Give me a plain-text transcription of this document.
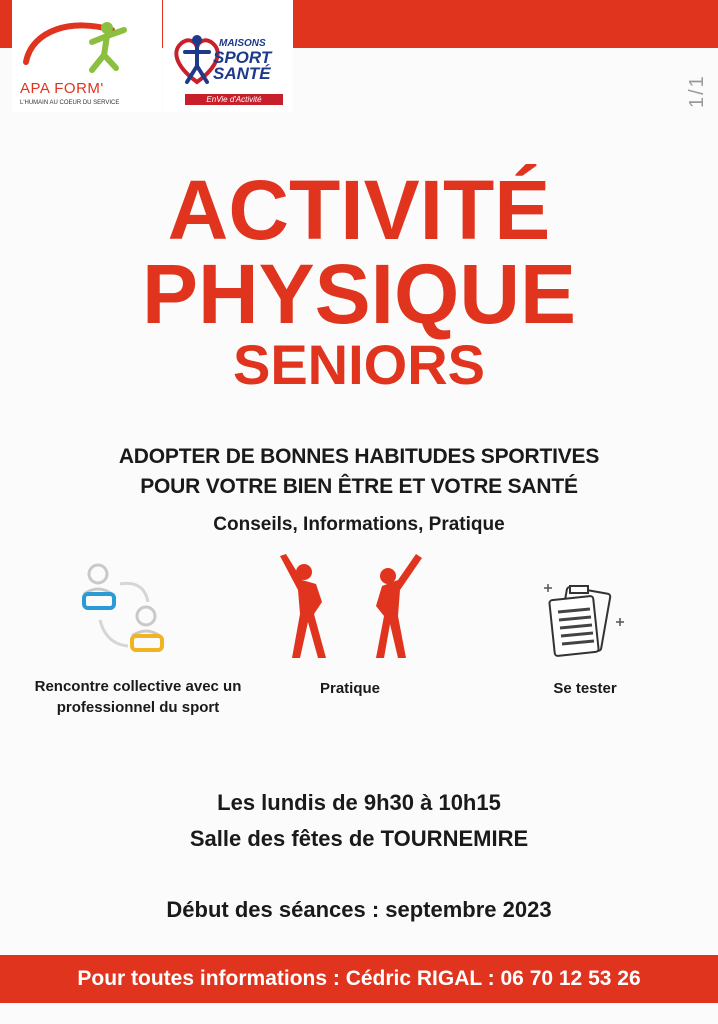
APA FORM'
L'HUMAIN AU COEUR DU SERVICE
MAISONS
SPORT SANTÉ
EnVie d'Activité	1/1
ACTIVITÉ
PHYSIQUE
SENIORS
ADOPTER DE BONNES HABITUDES SPORTIVES
POUR VOTRE BIEN ÊTRE ET VOTRE SANTÉ
Conseils, Informations, Pratique
Rencontre collective avec un professionnel du sport
Pratique	Se tester
Les lundis de 9h30 à 10h15
Salle des fêtes de TOURNEMIRE
Début des séances : septembre 2023
Pour toutes informations : Cédric RIGAL : 06 70 12 53 26
